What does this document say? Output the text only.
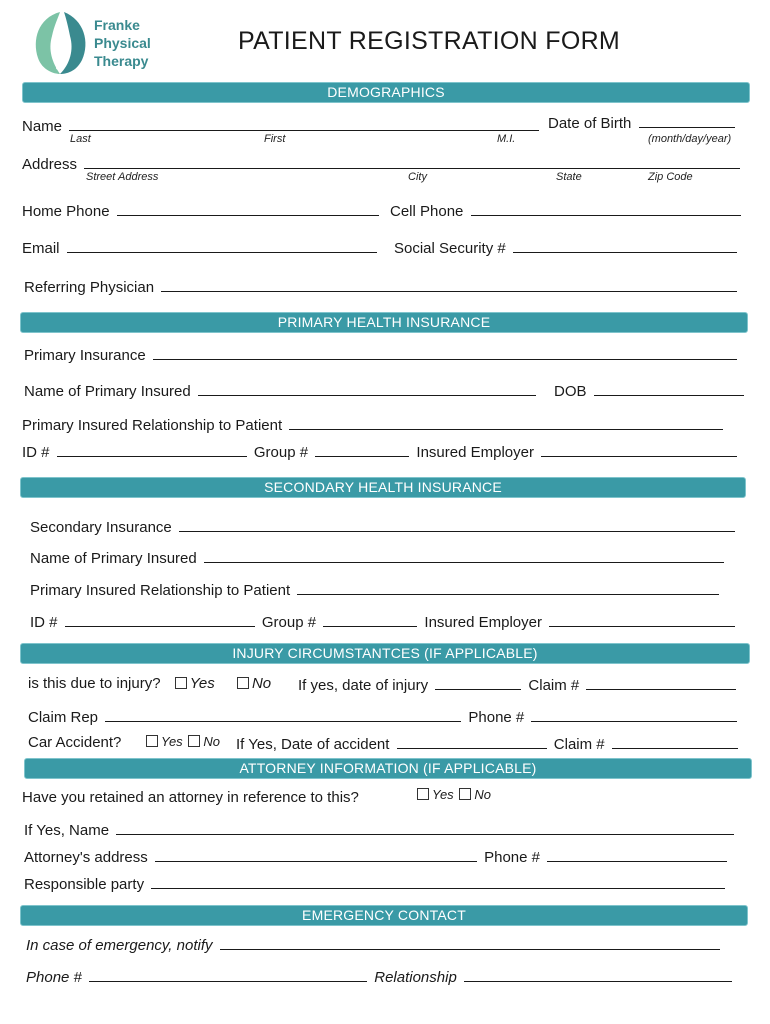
Franke
Physical
Therapy
PATIENT REGISTRATION FORM
DEMOGRAPHICS
Name	Date of Birth
Last	First	M.I.	(month/day/year)
Address
Street Address	City	State	Zip Code
Home Phone	Cell Phone
Email	Social Security #
Referring Physician
PRIMARY HEALTH INSURANCE
Primary Insurance
Name of Primary Insured	DOB
Primary Insured Relationship to Patient
ID #	Group #	Insured Employer
SECONDARY HEALTH INSURANCE
Secondary Insurance
Name of Primary Insured
Primary Insured Relationship to Patient
ID #	Group #	Insured Employer
INJURY CIRCUMSTANTCES (IF APPLICABLE)
is this due to injury? Yes No If yes, date of injury	Claim #
Claim Rep	Phone #
Car Accident?	Yes No If Yes, Date of accident	Claim #
ATTORNEY INFORMATION (IF APPLICABLE)
Have you retained an attorney in reference to this?	Yes No
If Yes, Name
Attorney's address	Phone #
Responsible party
EMERGENCY CONTACT
In case of emergency, notify
Phone #	Relationship
